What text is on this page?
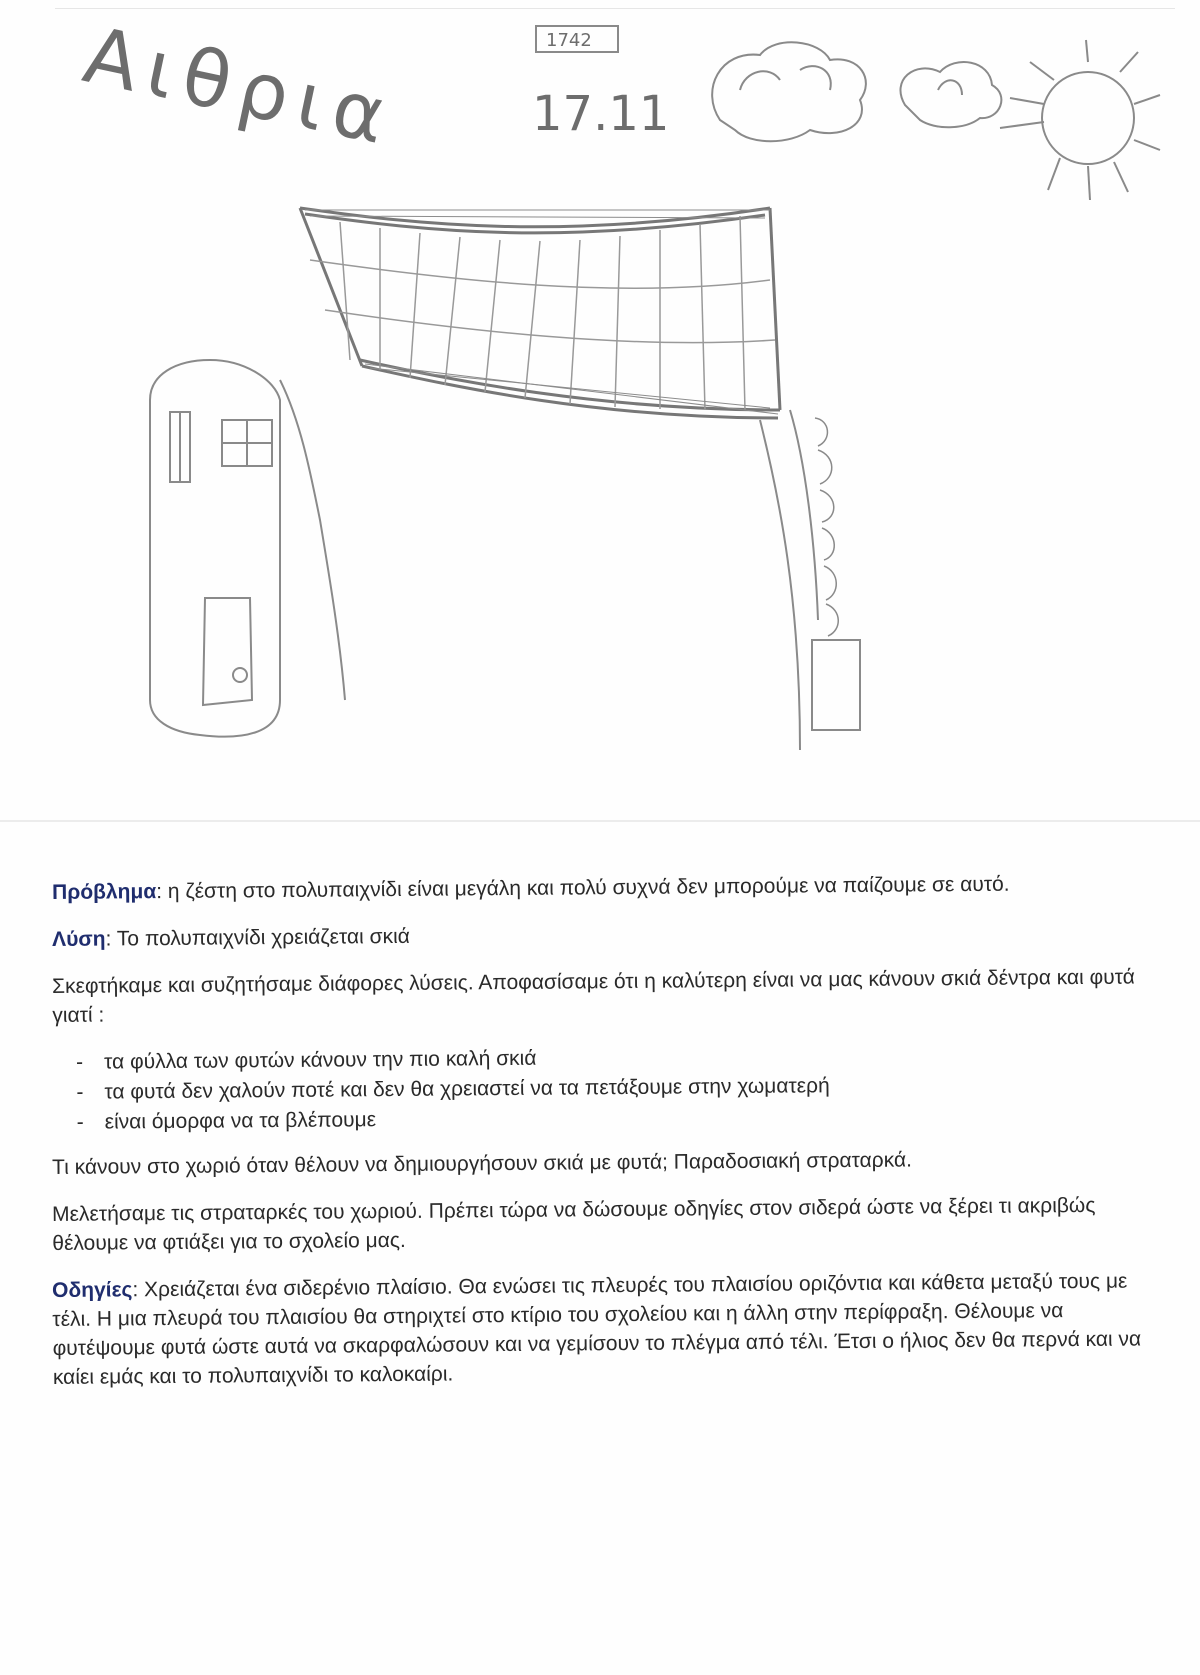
Αιθρια	1742
17.11

Πρόβλημα: η ζέστη στο πολυπαιχνίδι είναι μεγάλη και πολύ συχνά δεν μπορούμε να παίζουμε σε αυτό.

Λύση: Το πολυπαιχνίδι χρειάζεται σκιά

Σκεφτήκαμε και συζητήσαμε διάφορες λύσεις. Αποφασίσαμε ότι η καλύτερη είναι να μας κάνουν σκιά δέντρα και φυτά γιατί :

- τα φύλλα των φυτών κάνουν την πιο καλή σκιά
- τα φυτά δεν χαλούν ποτέ και δεν θα χρειαστεί να τα πετάξουμε στην χωματερή
- είναι όμορφα να τα βλέπουμε

Τι κάνουν στο χωριό όταν θέλουν να δημιουργήσουν σκιά με φυτά; Παραδοσιακή στραταρκά.

Μελετήσαμε τις στραταρκές του χωριού. Πρέπει τώρα να δώσουμε οδηγίες στον σιδερά ώστε να ξέρει τι ακριβώς θέλουμε να φτιάξει για το σχολείο μας.

Οδηγίες: Χρειάζεται ένα σιδερένιο πλαίσιο. Θα ενώσει τις πλευρές του πλαισίου οριζόντια και κάθετα μεταξύ τους με τέλι. Η μια πλευρά του πλαισίου θα στηριχτεί στο κτίριο του σχολείου και η άλλη στην περίφραξη. Θέλουμε να φυτέψουμε φυτά ώστε αυτά να σκαρφαλώσουν και να γεμίσουν το πλέγμα από τέλι. Έτσι ο ήλιος δεν θα περνά και να καίει εμάς και το πολυπαιχνίδι το καλοκαίρι.
